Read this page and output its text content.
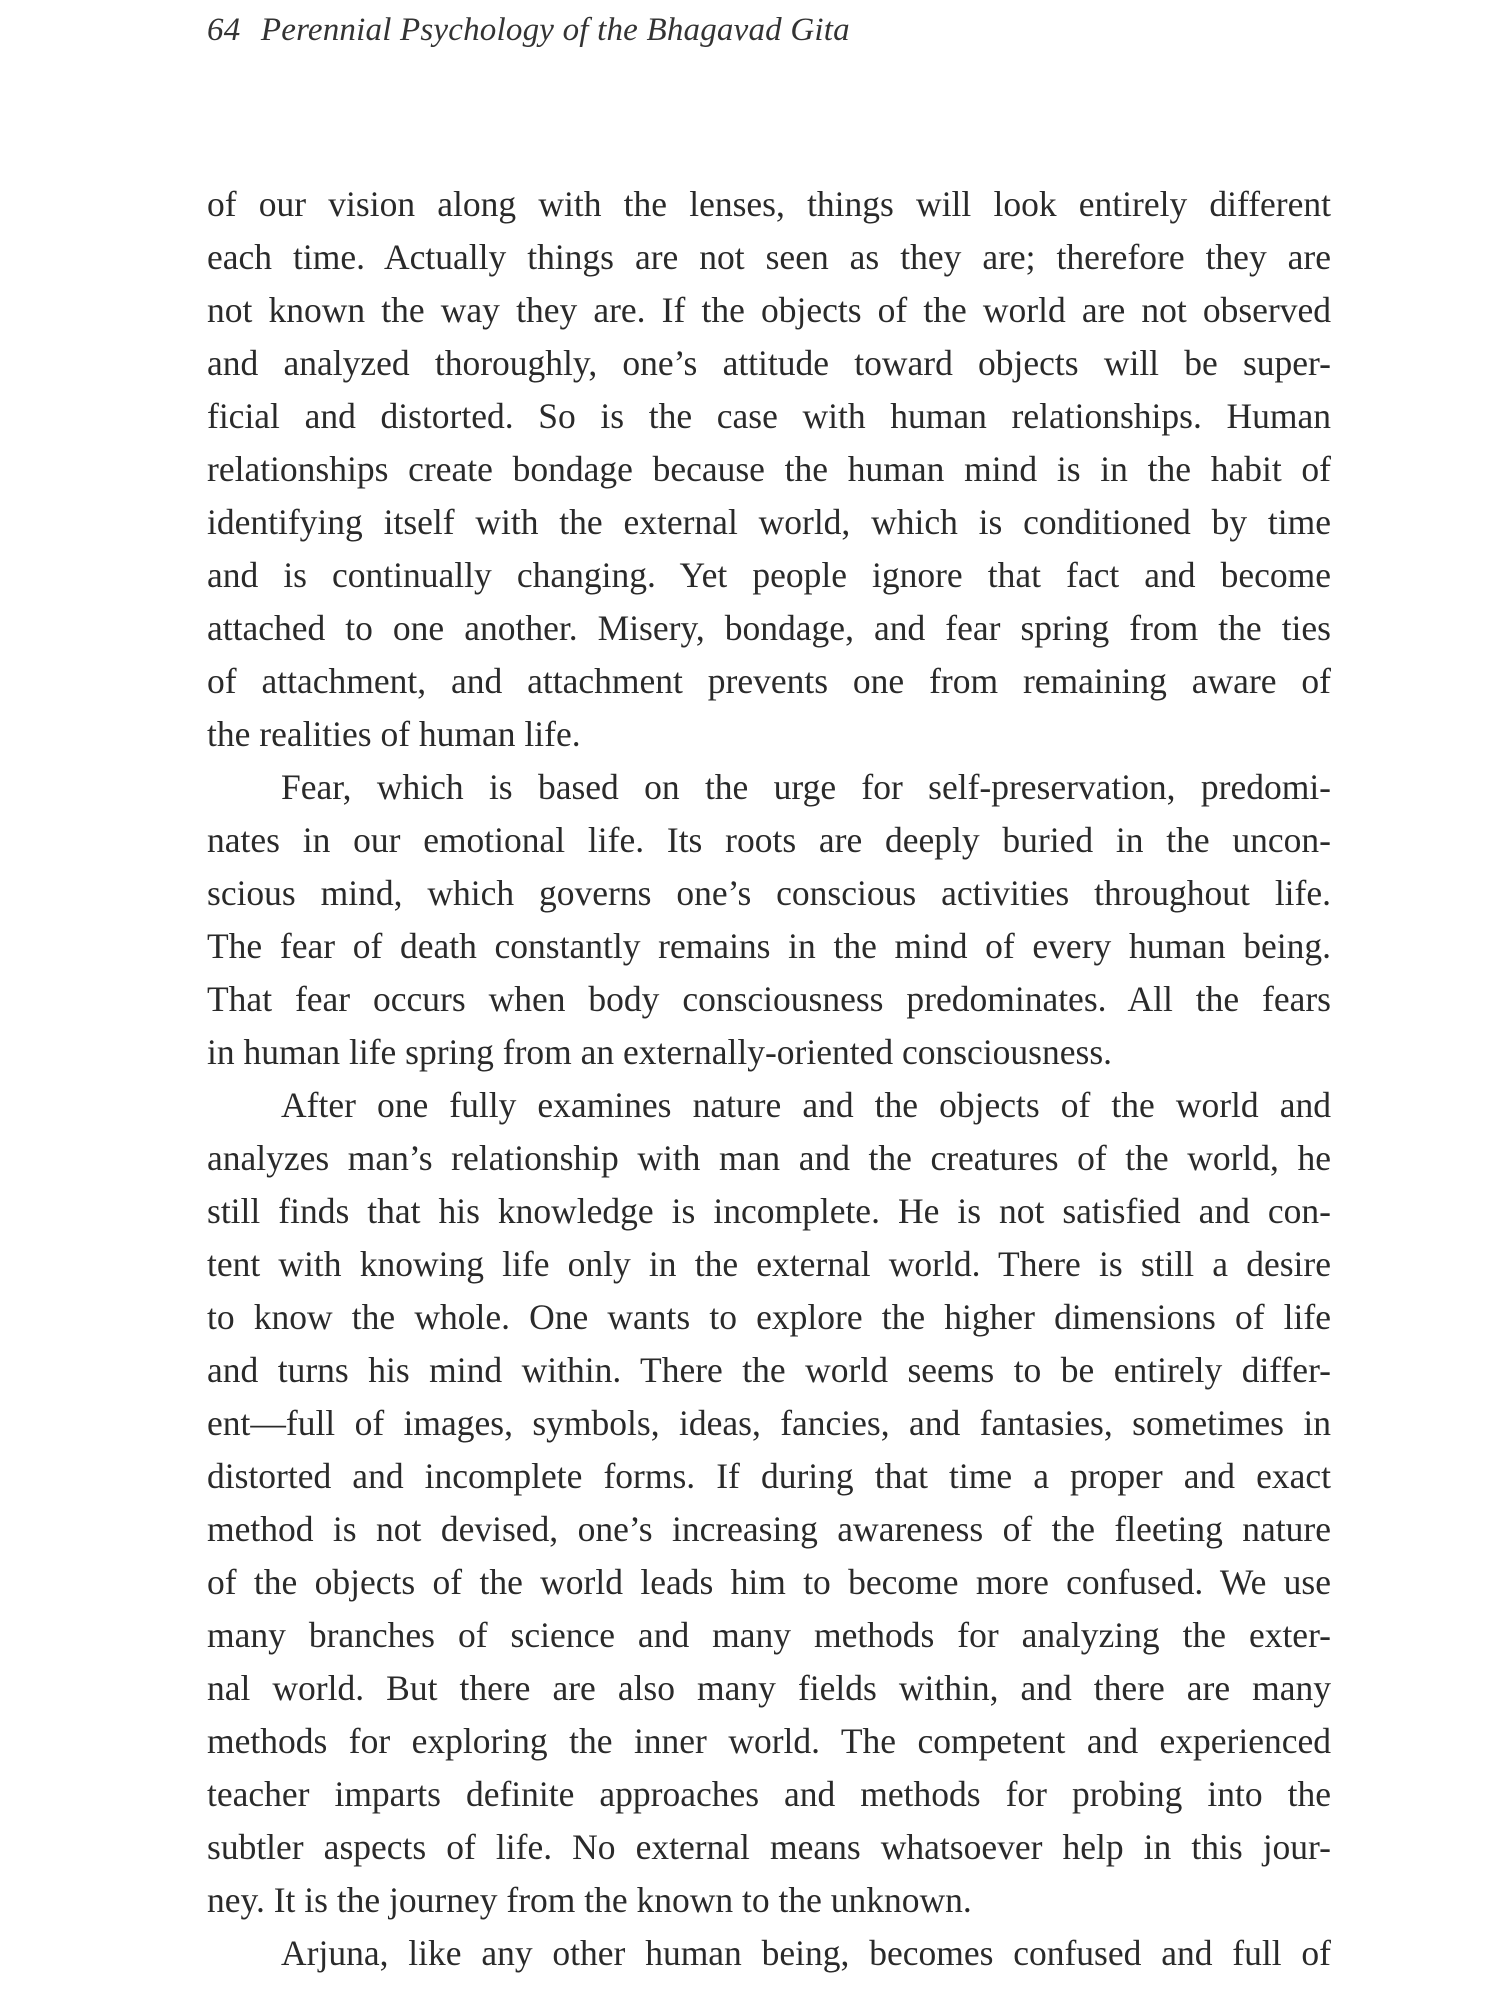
64 Perennial Psychology of the Bhagavad Gita
of our vision along with the lenses, things will look entirely different
each time. Actually things are not seen as they are; therefore they are
not known the way they are. If the objects of the world are not observed
and analyzed thoroughly, one’s attitude toward objects will be super-
ficial and distorted. So is the case with human relationships. Human
relationships create bondage because the human mind is in the habit of
identifying itself with the external world, which is conditioned by time
and is continually changing. Yet people ignore that fact and become
attached to one another. Misery, bondage, and fear spring from the ties
of attachment, and attachment prevents one from remaining aware of
the realities of human life.
Fear, which is based on the urge for self-preservation, predomi-
nates in our emotional life. Its roots are deeply buried in the uncon-
scious mind, which governs one’s conscious activities throughout life.
The fear of death constantly remains in the mind of every human being.
That fear occurs when body consciousness predominates. All the fears
in human life spring from an externally-oriented consciousness.
After one fully examines nature and the objects of the world and
analyzes man’s relationship with man and the creatures of the world, he
still finds that his knowledge is incomplete. He is not satisfied and con-
tent with knowing life only in the external world. There is still a desire
to know the whole. One wants to explore the higher dimensions of life
and turns his mind within. There the world seems to be entirely differ-
ent—full of images, symbols, ideas, fancies, and fantasies, sometimes in
distorted and incomplete forms. If during that time a proper and exact
method is not devised, one’s increasing awareness of the fleeting nature
of the objects of the world leads him to become more confused. We use
many branches of science and many methods for analyzing the exter-
nal world. But there are also many fields within, and there are many
methods for exploring the inner world. The competent and experienced
teacher imparts definite approaches and methods for probing into the
subtler aspects of life. No external means whatsoever help in this jour-
ney. It is the journey from the known to the unknown.
Arjuna, like any other human being, becomes confused and full of
